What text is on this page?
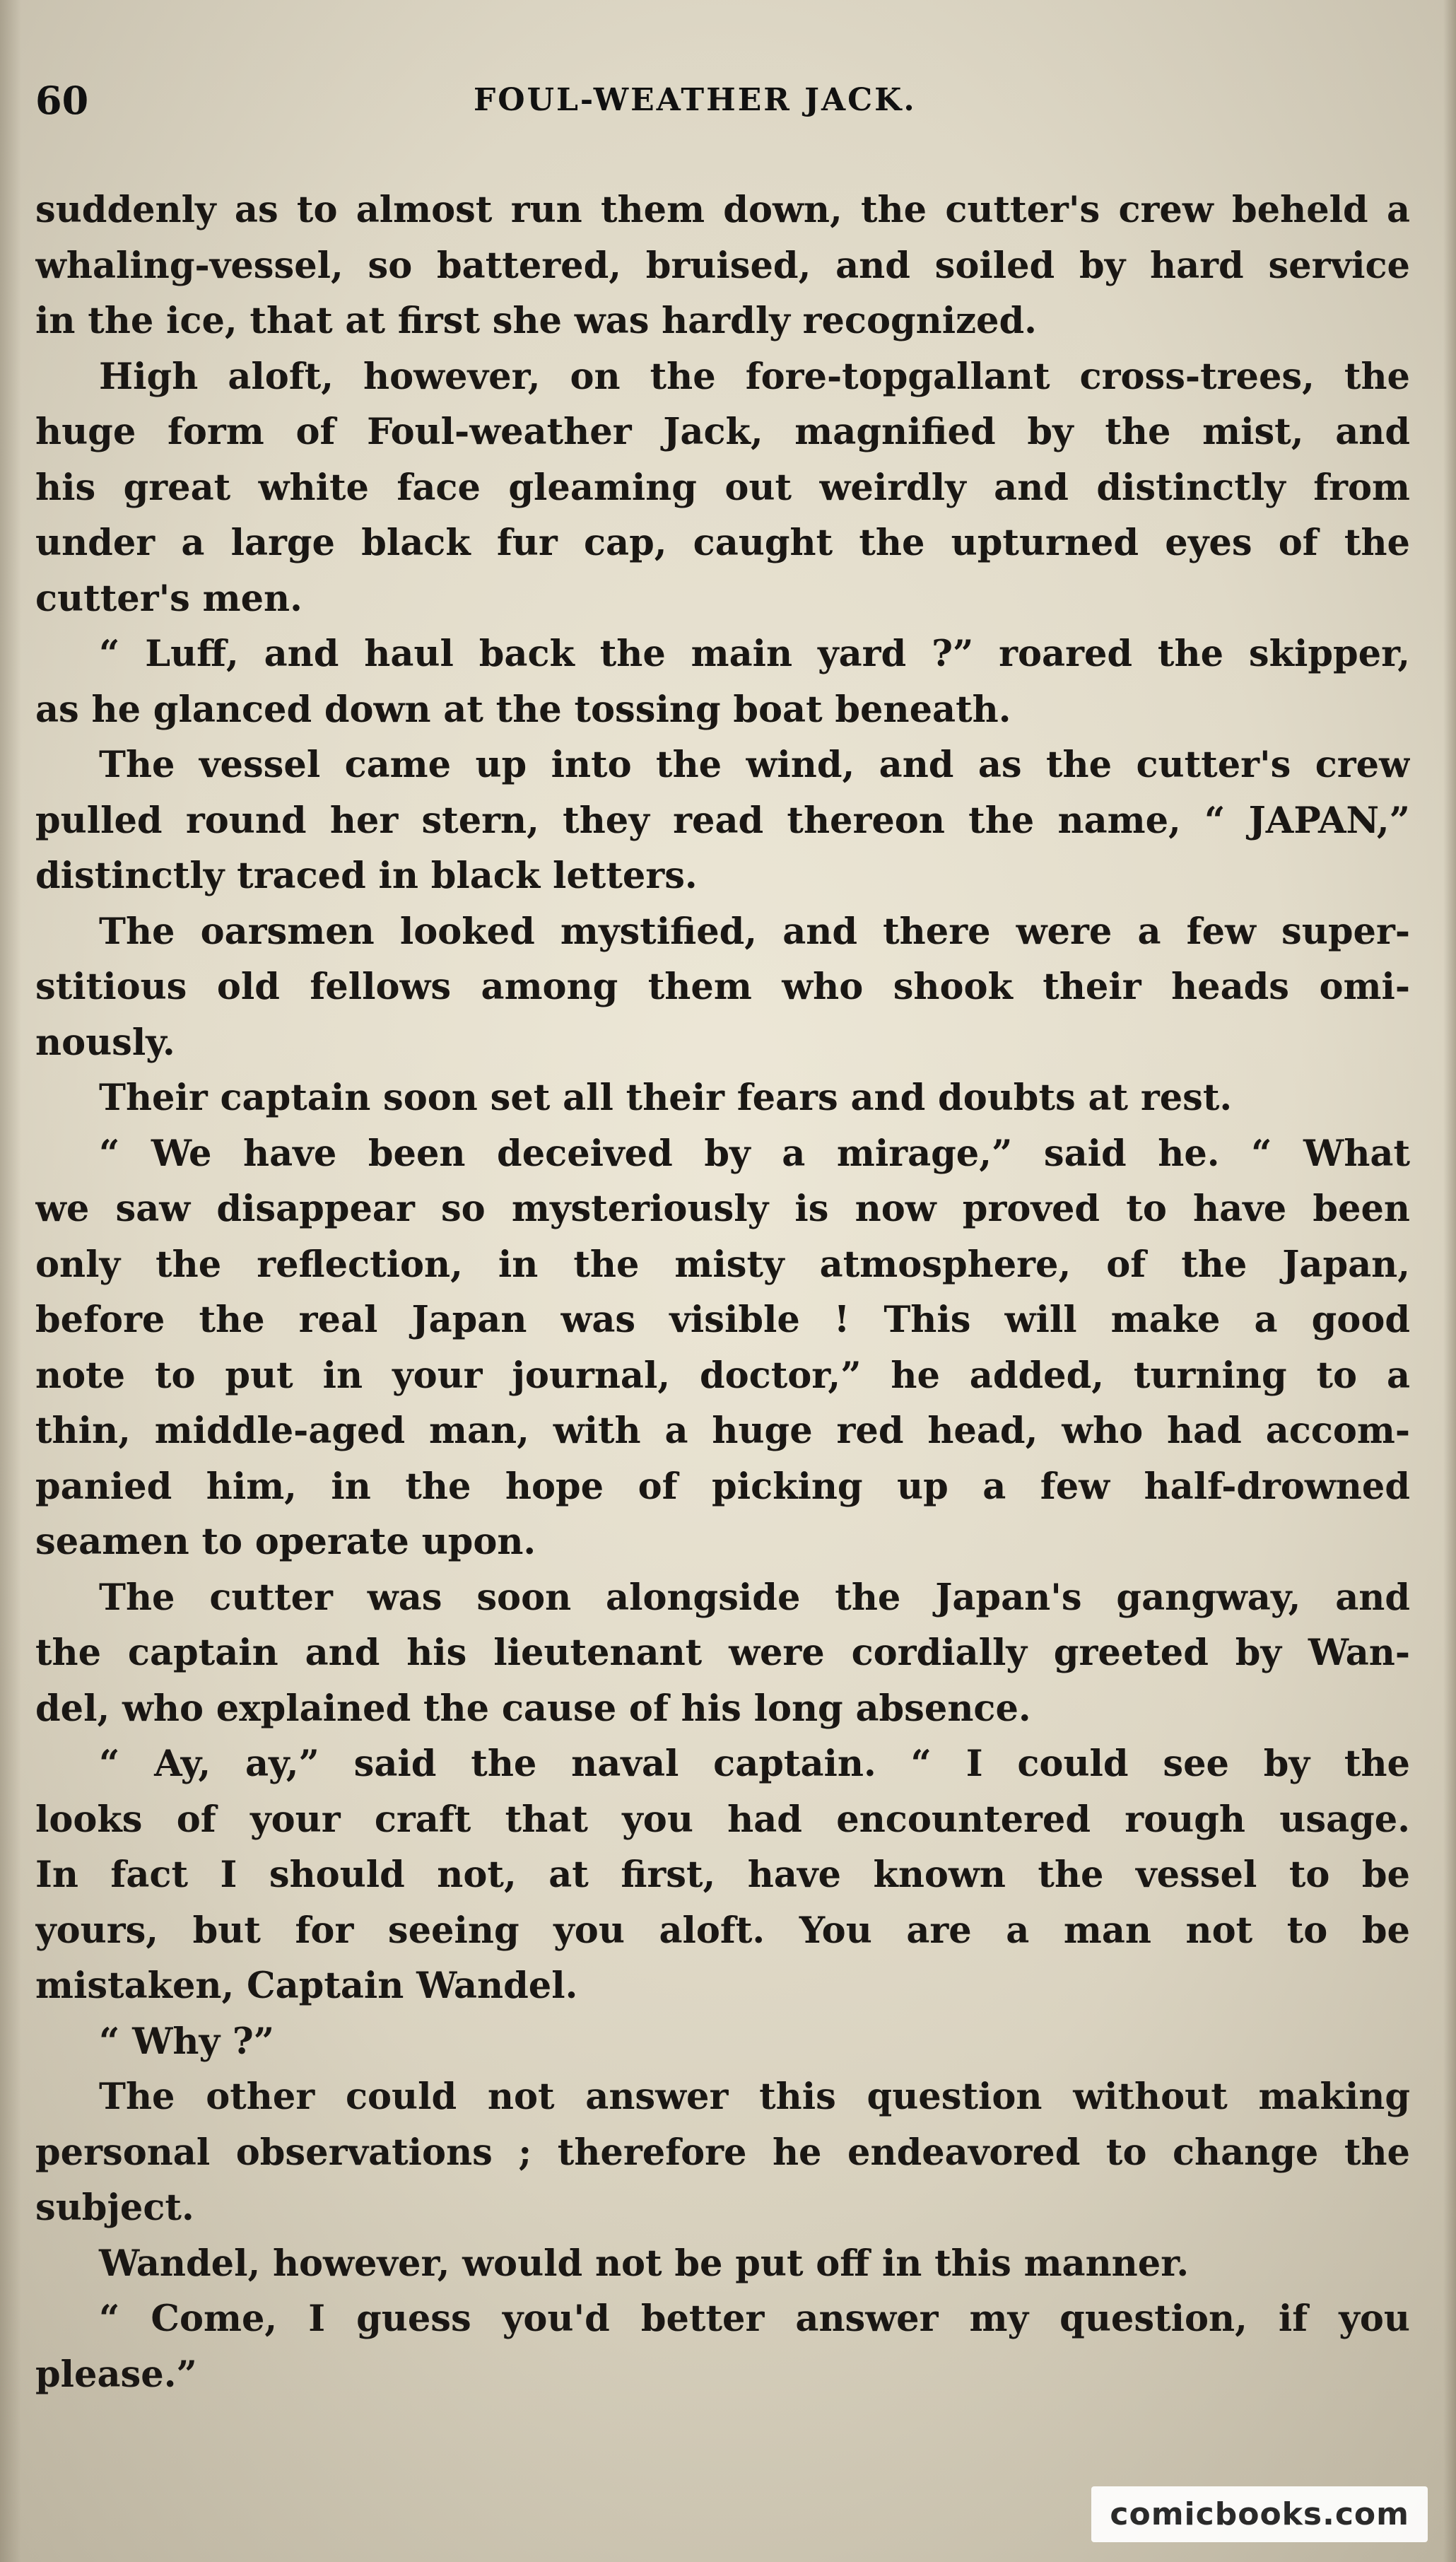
60	FOUL-WEATHER JACK.
suddenly as to almost run them down, the cutter's crew beheld a
whaling-vessel, so battered, bruised, and soiled by hard service
in the ice, that at first she was hardly recognized.
High aloft, however, on the fore-topgallant cross-trees, the
huge form of Foul-weather Jack, magnified by the mist, and
his great white face gleaming out weirdly and distinctly from
under a large black fur cap, caught the upturned eyes of the
cutter's men.
“ Luff, and haul back the main yard ?” roared the skipper,
as he glanced down at the tossing boat beneath.
The vessel came up into the wind, and as the cutter's crew
pulled round her stern, they read thereon the name, “ JAPAN,”
distinctly traced in black letters.
The oarsmen looked mystified, and there were a few super-
stitious old fellows among them who shook their heads omi-
nously.
Their captain soon set all their fears and doubts at rest.
“ We have been deceived by a mirage,” said he. “ What
we saw disappear so mysteriously is now proved to have been
only the reflection, in the misty atmosphere, of the Japan,
before the real Japan was visible ! This will make a good
note to put in your journal, doctor,” he added, turning to a
thin, middle-aged man, with a huge red head, who had accom-
panied him, in the hope of picking up a few half-drowned
seamen to operate upon.
The cutter was soon alongside the Japan's gangway, and
the captain and his lieutenant were cordially greeted by Wan-
del, who explained the cause of his long absence.
“ Ay, ay,” said the naval captain. “ I could see by the
looks of your craft that you had encountered rough usage.
In fact I should not, at first, have known the vessel to be
yours, but for seeing you aloft. You are a man not to be
mistaken, Captain Wandel.
“ Why ?”
The other could not answer this question without making
personal observations ; therefore he endeavored to change the
subject.
Wandel, however, would not be put off in this manner.
“ Come, I guess you'd better answer my question, if you
please.”
comicbooks.com
